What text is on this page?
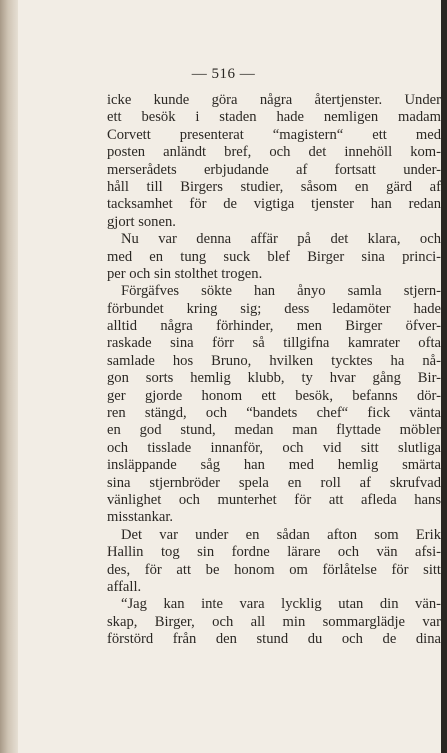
— 516 —
icke kunde göra några återtjenster. Under
ett besök i staden hade nemligen madam
Corvett presenterat “magistern“ ett med
posten anländt bref, och det innehöll kom-
merserådets erbjudande af fortsatt under-
håll till Birgers studier, såsom en gärd af
tacksamhet för de vigtiga tjenster han redan
gjort sonen.
Nu var denna affär på det klara, och
med en tung suck blef Birger sina princi-
per och sin stolthet trogen.
Förgäfves sökte han ånyo samla stjern-
förbundet kring sig; dess ledamöter hade
alltid några förhinder, men Birger öfver-
raskade sina förr så tillgifna kamrater ofta
samlade hos Bruno, hvilken tycktes ha nå-
gon sorts hemlig klubb, ty hvar gång Bir-
ger gjorde honom ett besök, befanns dör-
ren stängd, och “bandets chef“ fick vänta
en god stund, medan man flyttade möbler
och tisslade innanför, och vid sitt slutliga
insläppande såg han med hemlig smärta
sina stjernbröder spela en roll af skrufvad
vänlighet och munterhet för att afleda hans
misstankar.
Det var under en sådan afton som Erik
Hallin tog sin fordne lärare och vän afsi-
des, för att be honom om förlåtelse för sitt
affall.
“Jag kan inte vara lycklig utan din vän-
skap, Birger, och all min sommarglädje var
förstörd från den stund du och de dina
